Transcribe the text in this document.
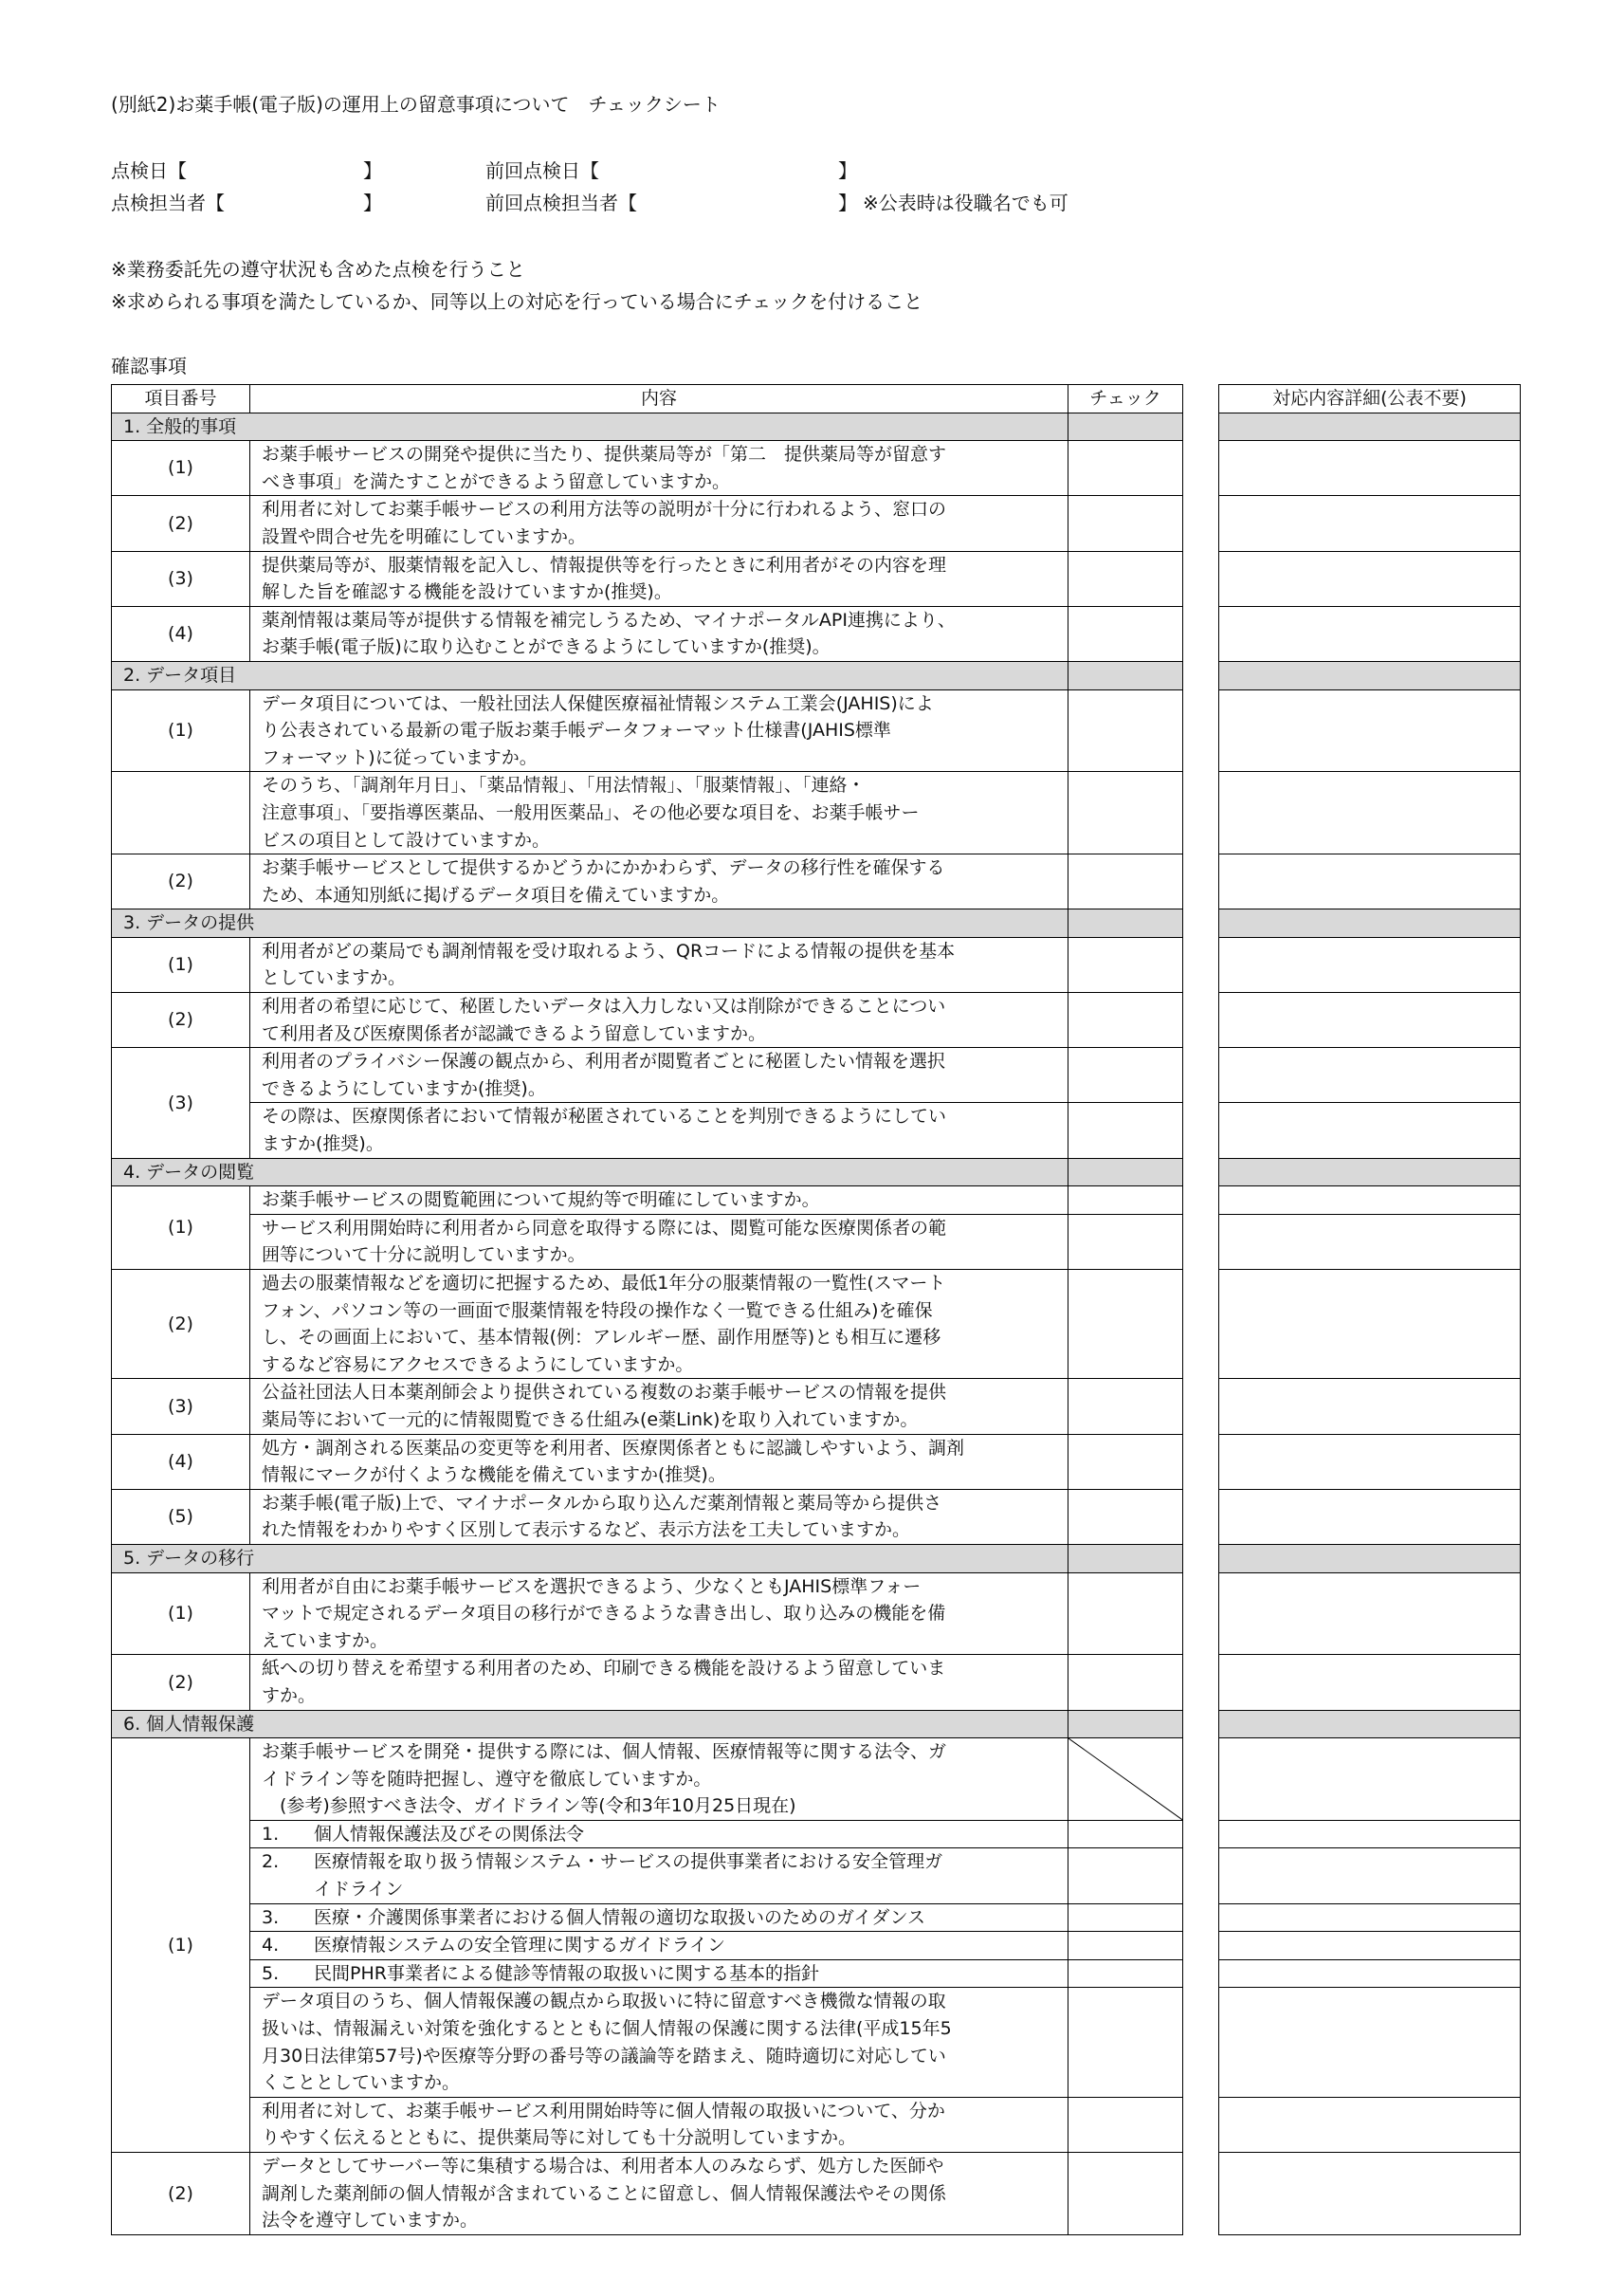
(別紙2)お薬手帳(電子版)の運用上の留意事項について　チェックシート
点検日【	】	前回点検日【	】
点検担当者【	】	前回点検担当者【	】 ※公表時は役職名でも可
※業務委託先の遵守状況も含めた点検を行うこと
※求められる事項を満たしているか、同等以上の対応を行っている場合にチェックを付けること
確認事項
項目番号	内容	チェック		対応内容詳細(公表不要)
1. 全般的事項				
(1)	お薬手帳サービスの開発や提供に当たり、提供薬局等が「第二　提供薬局等が留意す
べき事項」を満たすことができるよう留意していますか。			

(2)	利用者に対してお薬手帳サービスの利用方法等の説明が十分に行われるよう、窓口の
設置や問合せ先を明確にしていますか。			

(3)	提供薬局等が、服薬情報を記入し、情報提供等を行ったときに利用者がその内容を理
解した旨を確認する機能を設けていますか(推奨)。			

(4)	薬剤情報は薬局等が提供する情報を補完しうるため、マイナポータルAPI連携により、
お薬手帳(電子版)に取り込むことができるようにしていますか(推奨)。			

2. データ項目				
(1)	データ項目については、一般社団法人保健医療福祉情報システム工業会(JAHIS)によ
り公表されている最新の電子版お薬手帳データフォーマット仕様書(JAHIS標準
フォーマット)に従っていますか。			

	そのうち、「調剤年月日」、「薬品情報」、「用法情報」、「服薬情報」、「連絡・
注意事項」、「要指導医薬品、一般用医薬品」、その他必要な項目を、お薬手帳サー
ビスの項目として設けていますか。			

(2)	お薬手帳サービスとして提供するかどうかにかかわらず、データの移行性を確保する
ため、本通知別紙に掲げるデータ項目を備えていますか。			

3. データの提供				
(1)	利用者がどの薬局でも調剤情報を受け取れるよう、QRコードによる情報の提供を基本
としていますか。			

(2)	利用者の希望に応じて、秘匿したいデータは入力しない又は削除ができることについ
て利用者及び医療関係者が認識できるよう留意していますか。			

(3)	利用者のプライバシー保護の観点から、利用者が閲覧者ごとに秘匿したい情報を選択
できるようにしていますか(推奨)。			

	その際は、医療関係者において情報が秘匿されていることを判別できるようにしてい
ますか(推奨)。			

4. データの閲覧				
(1)	お薬手帳サービスの閲覧範囲について規約等で明確にしていますか。			

	サービス利用開始時に利用者から同意を取得する際には、閲覧可能な医療関係者の範
囲等について十分に説明していますか。			

(2)	過去の服薬情報などを適切に把握するため、最低1年分の服薬情報の一覧性(スマート
フォン、パソコン等の一画面で服薬情報を特段の操作なく一覧できる仕組み)を確保
し、その画面上において、基本情報(例：アレルギー歴、副作用歴等)とも相互に遷移
するなど容易にアクセスできるようにしていますか。			

(3)	公益社団法人日本薬剤師会より提供されている複数のお薬手帳サービスの情報を提供
薬局等において一元的に情報閲覧できる仕組み(e薬Link)を取り入れていますか。			

(4)	処方・調剤される医薬品の変更等を利用者、医療関係者ともに認識しやすいよう、調剤
情報にマークが付くような機能を備えていますか(推奨)。			

(5)	お薬手帳(電子版)上で、マイナポータルから取り込んだ薬剤情報と薬局等から提供さ
れた情報をわかりやすく区別して表示するなど、表示方法を工夫していますか。			

5. データの移行				
(1)	利用者が自由にお薬手帳サービスを選択できるよう、少なくともJAHIS標準フォー
マットで規定されるデータ項目の移行ができるような書き出し、取り込みの機能を備
えていますか。			

(2)	紙への切り替えを希望する利用者のため、印刷できる機能を設けるよう留意していま
すか。			

6. 個人情報保護				
(1)	お薬手帳サービスを開発・提供する際には、個人情報、医療情報等に関する法令、ガ
イドライン等を随時把握し、遵守を徹底していますか。
　(参考)参照すべき法令、ガイドライン等(令和3年10月25日現在)

	1. 個人情報保護法及びその関係法令			

	2. 医療情報を取り扱う情報システム・サービスの提供事業者における安全管理ガ
イドライン			

	3. 医療・介護関係事業者における個人情報の適切な取扱いのためのガイダンス			

	4. 医療情報システムの安全管理に関するガイドライン			

	5. 民間PHR事業者による健診等情報の取扱いに関する基本的指針			

	データ項目のうち、個人情報保護の観点から取扱いに特に留意すべき機微な情報の取
扱いは、情報漏えい対策を強化するとともに個人情報の保護に関する法律(平成15年5
月30日法律第57号)や医療等分野の番号等の議論等を踏まえ、随時適切に対応してい
くこととしていますか。			

	利用者に対して、お薬手帳サービス利用開始時等に個人情報の取扱いについて、分か
りやすく伝えるとともに、提供薬局等に対しても十分説明していますか。			

(2)	データとしてサーバー等に集積する場合は、利用者本人のみならず、処方した医師や
調剤した薬剤師の個人情報が含まれていることに留意し、個人情報保護法やその関係
法令を遵守していますか。			
